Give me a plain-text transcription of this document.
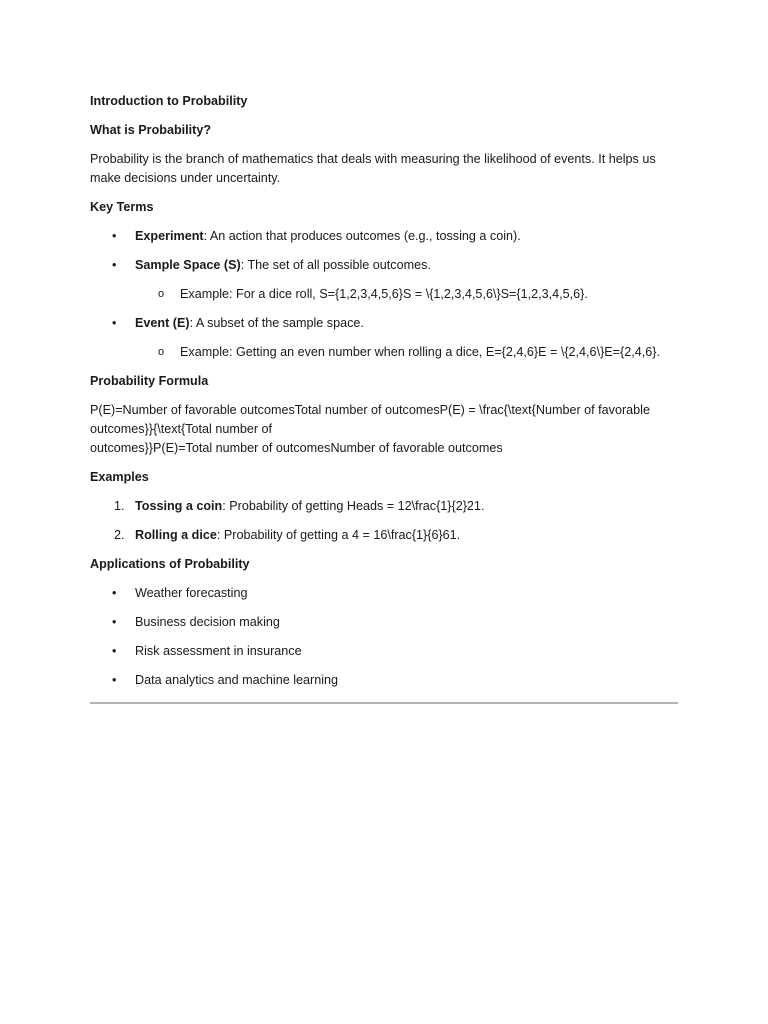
Introduction to Probability
What is Probability?
Probability is the branch of mathematics that deals with measuring the likelihood of events. It helps us make decisions under uncertainty.
Key Terms
• Experiment: An action that produces outcomes (e.g., tossing a coin).
• Sample Space (S): The set of all possible outcomes.
o Example: For a dice roll, S={1,2,3,4,5,6}S = \{1,2,3,4,5,6\}S={1,2,3,4,5,6}.
• Event (E): A subset of the sample space.
o Example: Getting an even number when rolling a dice, E={2,4,6}E = \{2,4,6\}E={2,4,6}.
Probability Formula
P(E)=Number of favorable outcomesTotal number of outcomesP(E) = \frac{\text{Number of favorable outcomes}}{\text{Total number of
outcomes}}P(E)=Total number of outcomesNumber of favorable outcomes
Examples
1. Tossing a coin: Probability of getting Heads = 12\frac{1}{2}21.
2. Rolling a dice: Probability of getting a 4 = 16\frac{1}{6}61.
Applications of Probability
• Weather forecasting
• Business decision making
• Risk assessment in insurance
• Data analytics and machine learning
